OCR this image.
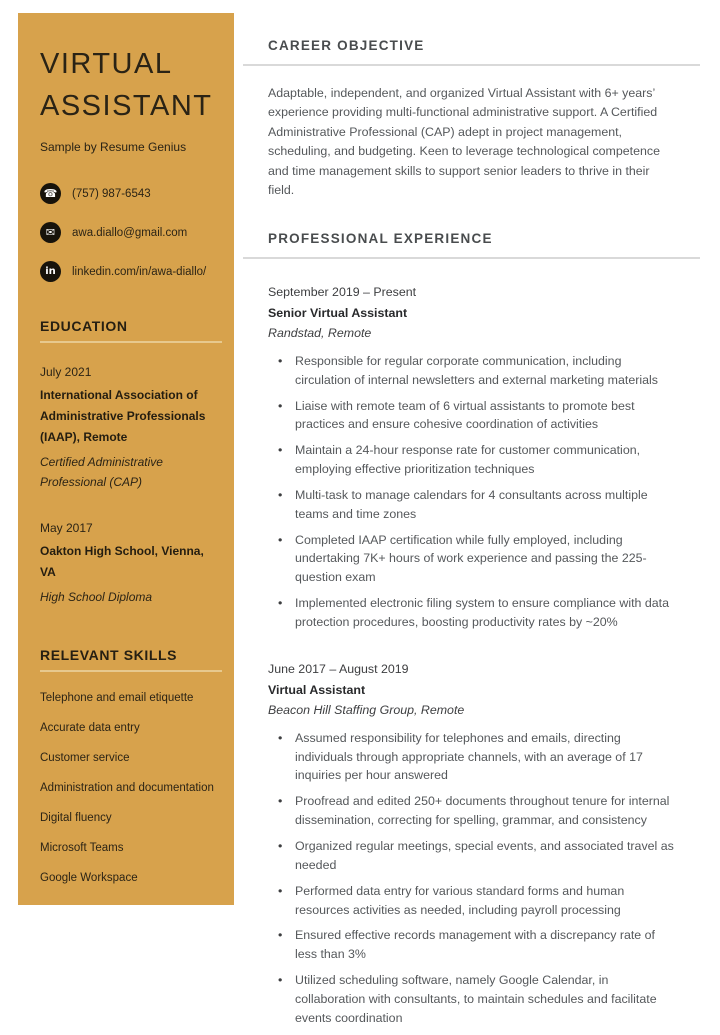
VIRTUAL
ASSISTANT
Sample by Resume Genius
☎	(757) 987-6543
✉	awa.diallo@gmail.com
in	linkedin.com/in/awa-diallo/
EDUCATION
July 2021
International Association of Administrative Professionals (IAAP), Remote
Certified Administrative Professional (CAP)
May 2017
Oakton High School, Vienna, VA
High School Diploma
RELEVANT SKILLS
Telephone and email etiquette
Accurate data entry
Customer service
Administration and documentation
Digital fluency
Microsoft Teams
Google Workspace
CAREER OBJECTIVE

Adaptable, independent, and organized Virtual Assistant with 6+ years’ experience providing multi-functional administrative support. A Certified Administrative Professional (CAP) adept in project management, scheduling, and budgeting. Keen to leverage technological competence and time management skills to support senior leaders to thrive in their field.

PROFESSIONAL EXPERIENCE
September 2019 – Present
Senior Virtual Assistant
Randstad, Remote
• Responsible for regular corporate communication, including circulation of internal newsletters and external marketing materials
• Liaise with remote team of 6 virtual assistants to promote best practices and ensure cohesive coordination of activities
• Maintain a 24-hour response rate for customer communication, employing effective prioritization techniques
• Multi-task to manage calendars for 4 consultants across multiple teams and time zones
• Completed IAAP certification while fully employed, including undertaking 7K+ hours of work experience and passing the 225-question exam
• Implemented electronic filing system to ensure compliance with data protection procedures, boosting productivity rates by ~20%
June 2017 – August 2019
Virtual Assistant
Beacon Hill Staffing Group, Remote
• Assumed responsibility for telephones and emails, directing individuals through appropriate channels, with an average of 17 inquiries per hour answered
• Proofread and edited 250+ documents throughout tenure for internal dissemination, correcting for spelling, grammar, and consistency
• Organized regular meetings, special events, and associated travel as needed
• Performed data entry for various standard forms and human resources activities as needed, including payroll processing
• Ensured effective records management with a discrepancy rate of less than 3%
• Utilized scheduling software, namely Google Calendar, in collaboration with consultants, to maintain schedules and facilitate events coordination
